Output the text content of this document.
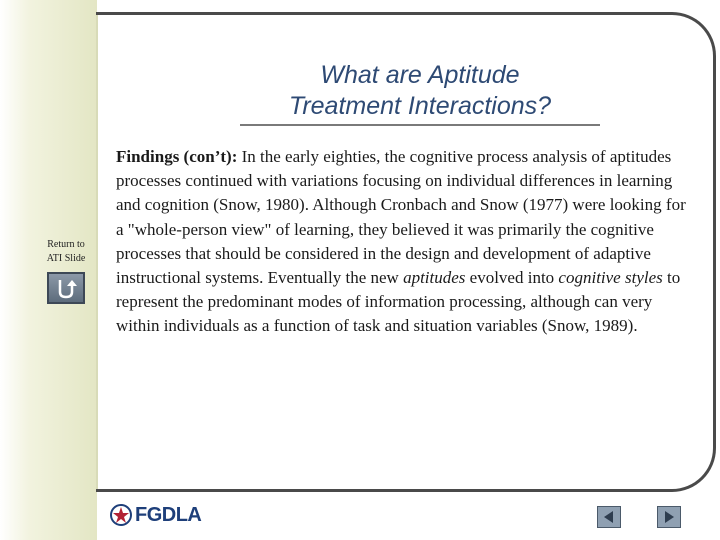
What are Aptitude
Treatment Interactions?
Findings (con’t): In the early eighties, the cognitive process analysis of aptitudes processes continued with variations focusing on individual differences in learning and cognition (Snow, 1980). Although Cronbach and Snow (1977) were looking for a "whole-person view" of learning, they believed it was primarily the cognitive processes that should be considered in the design and development of adaptive instructional systems. Eventually the new aptitudes evolved into cognitive styles to represent the predominant modes of information processing, although can very within individuals as a function of task and situation variables (Snow, 1989).
Return to
ATI Slide
FGDLA
